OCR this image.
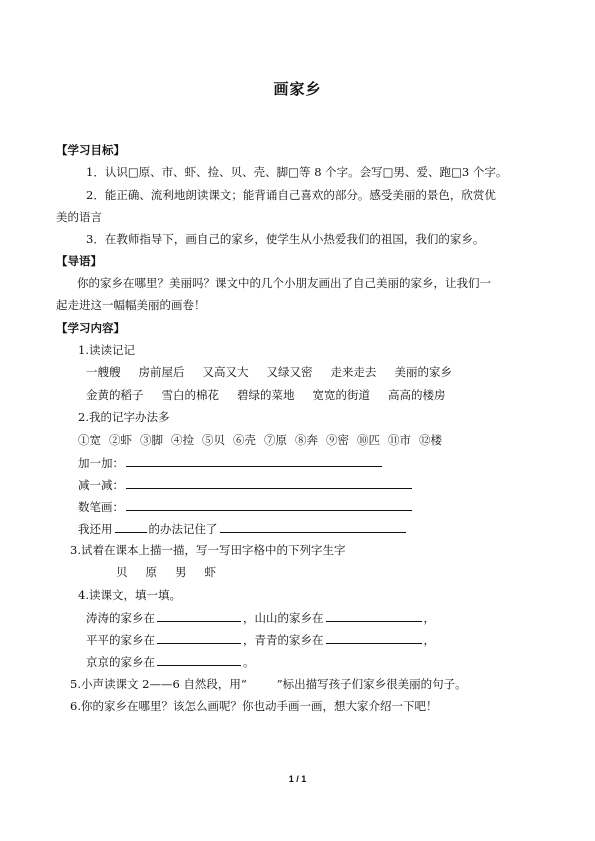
画家乡
【学习目标】
1．认识□原、市、虾、捡、贝、壳、脚□等 8 个字。会写□男、爱、跑□3 个字。
2．能正确、流利地朗读课文；能背诵自己喜欢的部分。感受美丽的景色，欣赏优
美的语言
3．在教师指导下，画自己的家乡，使学生从小热爱我们的祖国，我们的家乡。
【导语】
你的家乡在哪里？美丽吗？课文中的几个小朋友画出了自己美丽的家乡，让我们一
起走进这一幅幅美丽的画卷！
【学习内容】
1.读读记记
一艘艘 房前屋后 又高又大 又绿又密 走来走去 美丽的家乡
金黄的稻子 雪白的棉花 碧绿的菜地 宽宽的街道 高高的楼房
2.我的记字办法多
①宽 ②虾 ③脚 ④捡 ⑤贝 ⑥壳 ⑦原 ⑧奔 ⑨密 ⑩匹 ⑪市 ⑫楼
加一加：
减一减：
数笔画：
我还用	的办法记住了
3.试着在课本上描一描，写一写田字格中的下列字生字
贝 原 男 虾
4.读课文，填一填。
涛涛的家乡在	，山山的家乡在	，
平平的家乡在	，青青的家乡在	，
京京的家乡在	。
5.小声读课文 2——6 自然段，用“	”标出描写孩子们家乡很美丽的句子。
6.你的家乡在哪里？该怎么画呢？你也动手画一画，想大家介绍一下吧！
1 / 1
